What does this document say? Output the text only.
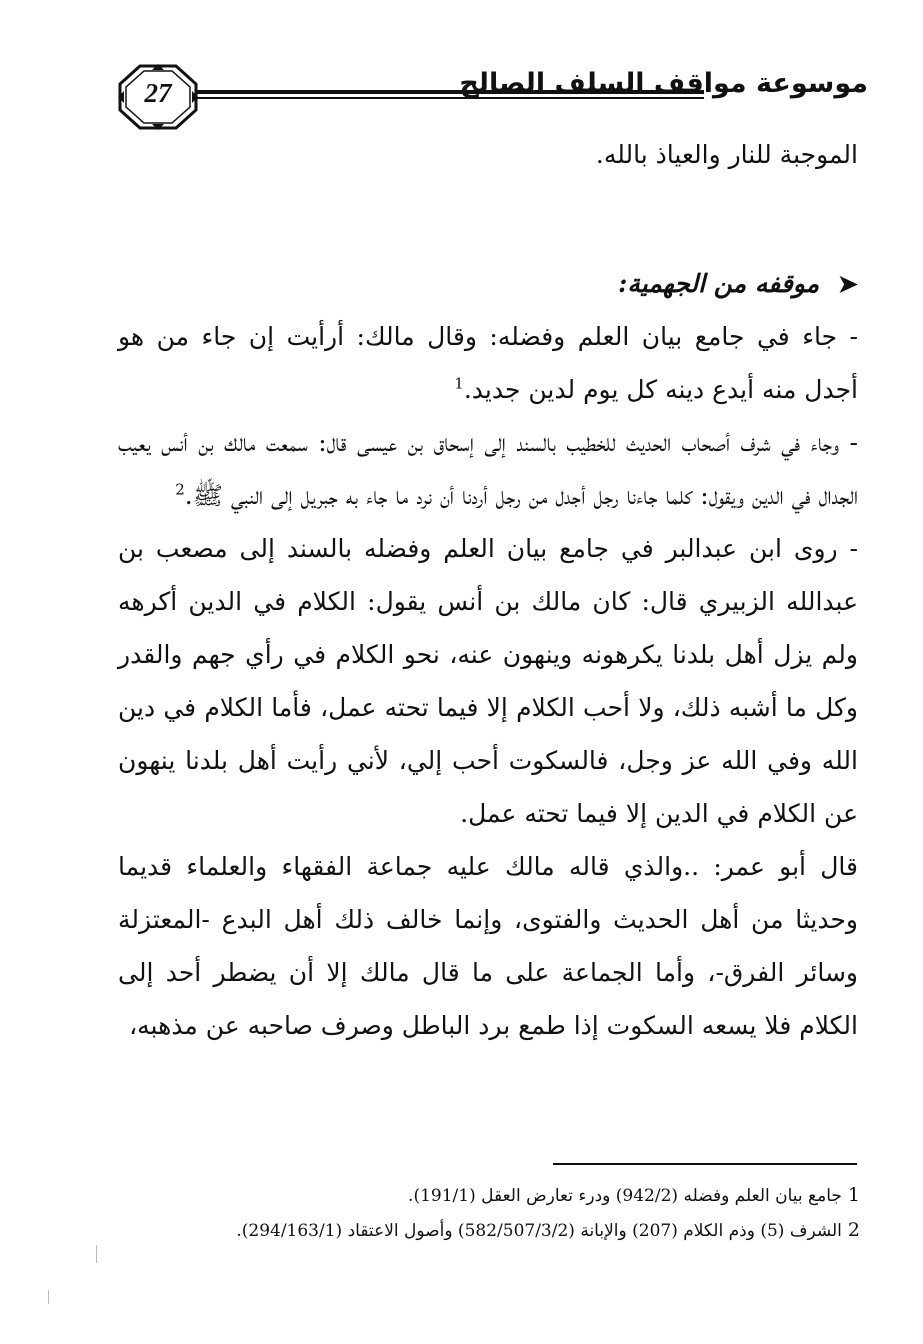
27	موسوعة مواقف السلف الصالح

الموجبة للنار والعياذ بالله.

➤ موقفه من الجهمية:

- جاء في جامع بيان العلم وفضله: وقال مالك: أرأيت إن جاء من هو أجدل منه أيدع دينه كل يوم لدين جديد.$^1$

- وجاء في شرف أصحاب الحديث للخطيب بالسند إلى إسحاق بن عيسى قال: سمعت مالك بن أنس يعيب الجدال في الدين ويقول: كلما جاءنا رجل أجدل من رجل أردنا أن نرد ما جاء به جبريل إلى النبي ﷺ.$^2$

- روى ابن عبدالبر في جامع بيان العلم وفضله بالسند إلى مصعب بن عبدالله الزبيري قال: كان مالك بن أنس يقول: الكلام في الدين أكرهه ولم يزل أهل بلدنا يكرهونه وينهون عنه، نحو الكلام في رأي جهم والقدر وكل ما أشبه ذلك، ولا أحب الكلام إلا فيما تحته عمل، فأما الكلام في دين الله وفي الله عز وجل، فالسكوت أحب إلي، لأني رأيت أهل بلدنا ينهون عن الكلام في الدين إلا فيما تحته عمل.

قال أبو عمر: ..والذي قاله مالك عليه جماعة الفقهاء والعلماء قديما وحديثا من أهل الحديث والفتوى، وإنما خالف ذلك أهل البدع -المعتزلة وسائر الفرق-، وأما الجماعة على ما قال مالك إلا أن يضطر أحد إلى الكلام فلا يسعه السكوت إذا طمع برد الباطل وصرف صاحبه عن مذهبه،

1جامع بيان العلم وفضله (942/2) ودرء تعارض العقل (191/1).

2الشرف (5) وذم الكلام (207) والإبانة (582/507/3/2) وأصول الاعتقاد (294/163/1).
